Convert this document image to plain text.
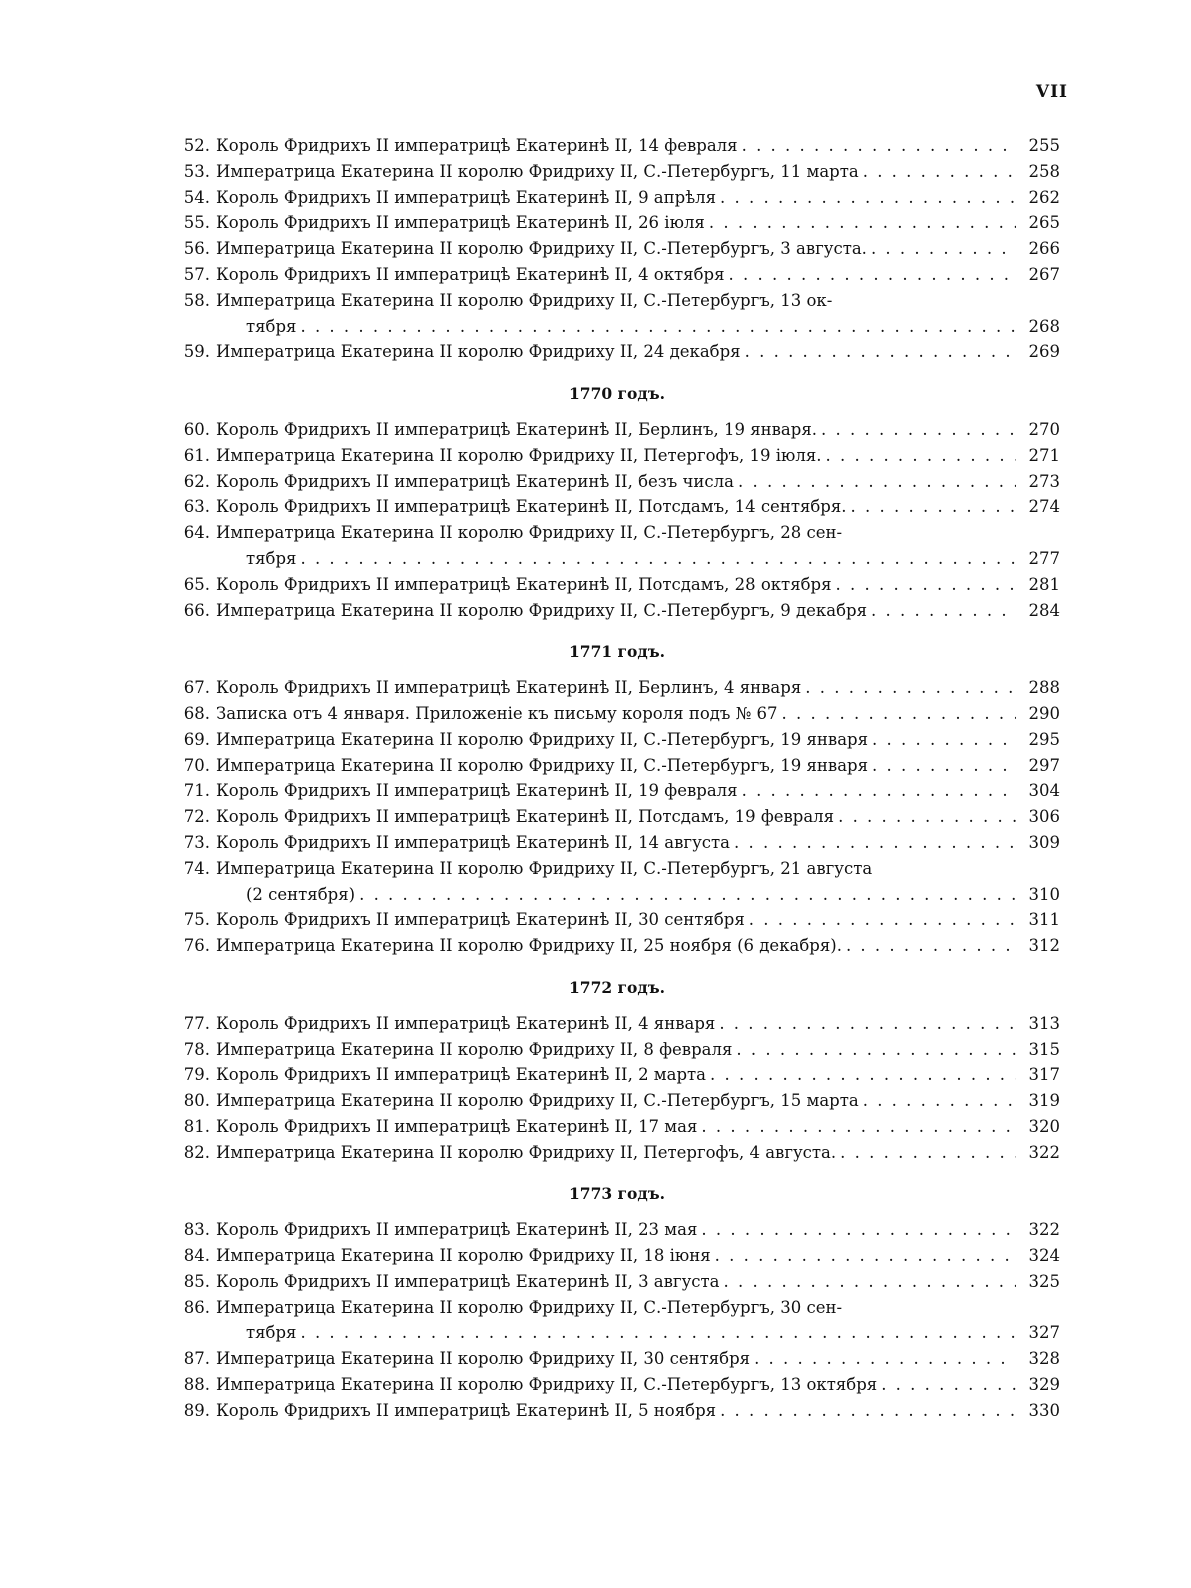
VII
52. Король Фридрихъ II императрицѣ Екатеринѣ II, 14 февраля . . .	255
53. Императрица Екатерина II королю Фридриху II, С.-Петербургъ, 11 марта . . .	258
54. Король Фридрихъ II императрицѣ Екатеринѣ II, 9 апрѣля . . .	262
55. Король Фридрихъ II императрицѣ Екатеринѣ II, 26 іюля . . .	265
56. Императрица Екатерина II королю Фридриху II, С.-Петербургъ, 3 августа. . . .	266
57. Король Фридрихъ II императрицѣ Екатеринѣ II, 4 октября . . .	267
58. Императрица Екатерина II королю Фридриху II, С.-Петербургъ, 13 ок-
тября . . .	268
59. Императрица Екатерина II королю Фридриху II, 24 декабря . . .	269
1770 годъ.
60. Король Фридрихъ II императрицѣ Екатеринѣ II, Берлинъ, 19 января. . . .	270
61. Императрица Екатерина II королю Фридриху II, Петергофъ, 19 іюля. . . .	271
62. Король Фридрихъ II императрицѣ Екатеринѣ II, безъ числа . . .	273
63. Король Фридрихъ II императрицѣ Екатеринѣ II, Потсдамъ, 14 сентября. . . .	274
64. Императрица Екатерина II королю Фридриху II, С.-Петербургъ, 28 сен-
тября . . .	277
65. Король Фридрихъ II императрицѣ Екатеринѣ II, Потсдамъ, 28 октября . . .	281
66. Императрица Екатерина II королю Фридриху II, С.-Петербургъ, 9 декабря . . .	284
1771 годъ.
67. Король Фридрихъ II императрицѣ Екатеринѣ II, Берлинъ, 4 января . . .	288
68. Записка отъ 4 января. Приложеніе къ письму короля подъ № 67 . . .	290
69. Императрица Екатерина II королю Фридриху II, С.-Петербургъ, 19 января . . .	295
70. Императрица Екатерина II королю Фридриху II, С.-Петербургъ, 19 января . . .	297
71. Король Фридрихъ II императрицѣ Екатеринѣ II, 19 февраля . . .	304
72. Король Фридрихъ II императрицѣ Екатеринѣ II, Потсдамъ, 19 февраля . . .	306
73. Король Фридрихъ II императрицѣ Екатеринѣ II, 14 августа . . .	309
74. Императрица Екатерина II королю Фридриху II, С.-Петербургъ, 21 августа
(2 сентября) . . .	310
75. Король Фридрихъ II императрицѣ Екатеринѣ II, 30 сентября . . .	311
76. Императрица Екатерина II королю Фридриху II, 25 ноября (6 декабря). . . .	312
1772 годъ.
77. Король Фридрихъ II императрицѣ Екатеринѣ II, 4 января . . .	313
78. Императрица Екатерина II королю Фридриху II, 8 февраля . . .	315
79. Король Фридрихъ II императрицѣ Екатеринѣ II, 2 марта . . .	317
80. Императрица Екатерина II королю Фридриху II, С.-Петербургъ, 15 марта . . .	319
81. Король Фридрихъ II императрицѣ Екатеринѣ II, 17 мая . . .	320
82. Императрица Екатерина II королю Фридриху II, Петергофъ, 4 августа. . . .	322
1773 годъ.
83. Король Фридрихъ II императрицѣ Екатеринѣ II, 23 мая . . .	322
84. Императрица Екатерина II королю Фридриху II, 18 іюня . . .	324
85. Король Фридрихъ II императрицѣ Екатеринѣ II, 3 августа . . .	325
86. Императрица Екатерина II королю Фридриху II, С.-Петербургъ, 30 сен-
тября . . .	327
87. Императрица Екатерина II королю Фридриху II, 30 сентября . . .	328
88. Императрица Екатерина II королю Фридриху II, С.-Петербургъ, 13 октября . . .	329
89. Король Фридрихъ II императрицѣ Екатеринѣ II, 5 ноября . . .	330
